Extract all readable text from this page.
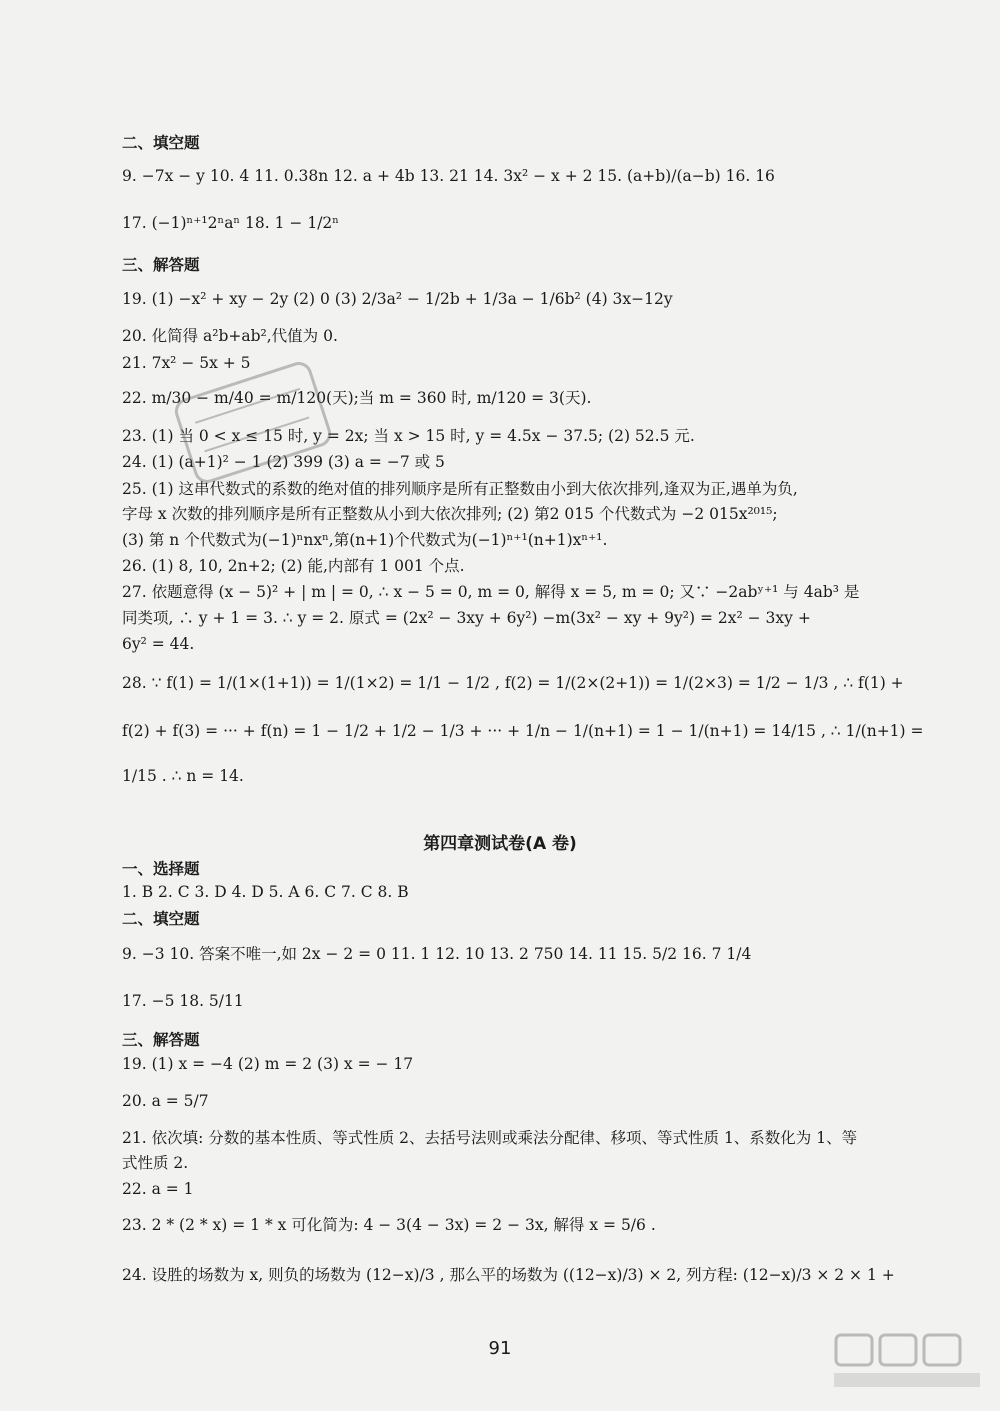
二、填空题
9. −7x − y 10. 4 11. 0.38n 12. a + 4b 13. 21 14. 3x² − x + 2 15. (a+b)/(a−b) 16. 16
17. (−1)ⁿ⁺¹2ⁿaⁿ 18. 1 − 1/2ⁿ
三、解答题
19. (1) −x² + xy − 2y (2) 0 (3) 2/3a² − 1/2b + 1/3a − 1/6b² (4) 3x−12y
20. 化简得 a²b+ab²,代值为 0.
21. 7x² − 5x + 5
22. m/30 − m/40 = m/120(天);当 m = 360 时, m/120 = 3(天).
23. (1) 当 0 < x ≤ 15 时, y = 2x; 当 x > 15 时, y = 4.5x − 37.5; (2) 52.5 元.
24. (1) (a+1)² − 1 (2) 399 (3) a = −7 或 5
25. (1) 这串代数式的系数的绝对值的排列顺序是所有正整数由小到大依次排列,逢双为正,遇单为负,
字母 x 次数的排列顺序是所有正整数从小到大依次排列; (2) 第2 015 个代数式为 −2 015x²⁰¹⁵;
(3) 第 n 个代数式为(−1)ⁿnxⁿ,第(n+1)个代数式为(−1)ⁿ⁺¹(n+1)xⁿ⁺¹.
26. (1) 8, 10, 2n+2; (2) 能,内部有 1 001 个点.
27. 依题意得 (x − 5)² + | m | = 0, ∴ x − 5 = 0, m = 0, 解得 x = 5, m = 0; 又∵ −2abʸ⁺¹ 与 4ab³ 是
同类项, ∴ y + 1 = 3. ∴ y = 2. 原式 = (2x² − 3xy + 6y²) −m(3x² − xy + 9y²) = 2x² − 3xy +
6y² = 44.
28. ∵ f(1) = 1/(1×(1+1)) = 1/(1×2) = 1/1 − 1/2 , f(2) = 1/(2×(2+1)) = 1/(2×3) = 1/2 − 1/3 , ∴ f(1) +
f(2) + f(3) = ··· + f(n) = 1 − 1/2 + 1/2 − 1/3 + ··· + 1/n − 1/(n+1) = 1 − 1/(n+1) = 14/15 , ∴ 1/(n+1) =
1/15 . ∴ n = 14.
第四章测试卷(A 卷)
一、选择题
1. B 2. C 3. D 4. D 5. A 6. C 7. C 8. B
二、填空题
9. −3 10. 答案不唯一,如 2x − 2 = 0 11. 1 12. 10 13. 2 750 14. 11 15. 5/2 16. 7 1/4
17. −5 18. 5/11
三、解答题
19. (1) x = −4 (2) m = 2 (3) x = − 17
20. a = 5/7
21. 依次填: 分数的基本性质、等式性质 2、去括号法则或乘法分配律、移项、等式性质 1、系数化为 1、等
式性质 2.
22. a = 1
23. 2 * (2 * x) = 1 * x 可化简为: 4 − 3(4 − 3x) = 2 − 3x, 解得 x = 5/6 .
24. 设胜的场数为 x, 则负的场数为 (12−x)/3 , 那么平的场数为 ((12−x)/3) × 2, 列方程: (12−x)/3 × 2 × 1 +
91
